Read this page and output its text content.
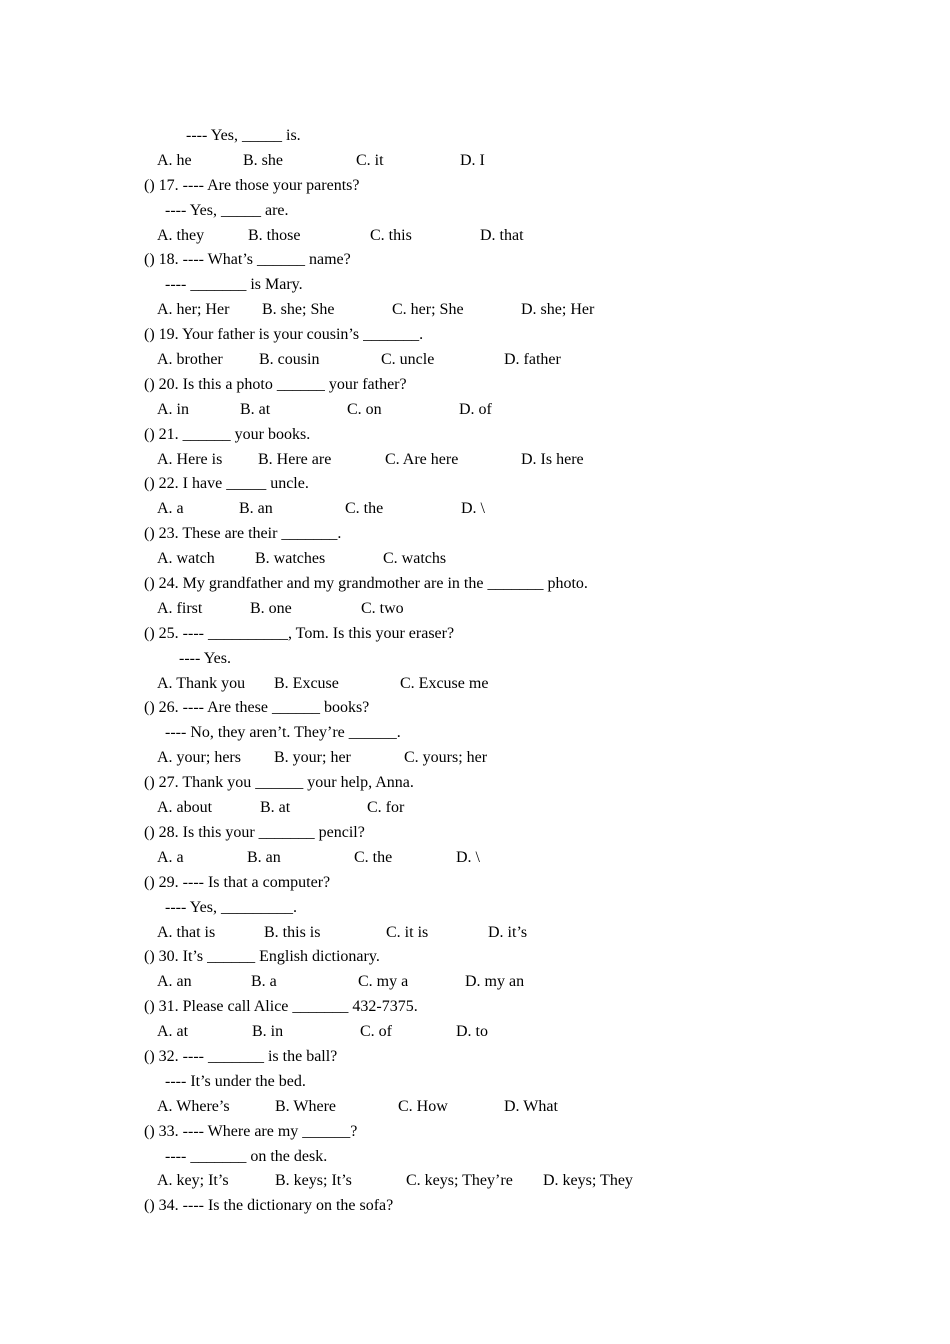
---- Yes, _____ is.
A. he	B. she	C. it	D. I
() 17. ---- Are those your parents?
---- Yes, _____ are.
A. they	B. those	C. this	D. that
() 18. ---- What’s ______ name?
---- _______ is Mary.
A. her; Her B. she; She	C. her; She	D. she; Her
() 19. Your father is your cousin’s _______.
A. brother B. cousin	C. uncle	D. father
() 20. Is this a photo ______ your father?
A. in	B. at	C. on	D. of
() 21. ______ your books.
A. Here is B. Here are	C. Are here	D. Is here
() 22. I have _____ uncle.
A. a	B. an	C. the	D. \
() 23. These are their _______.
A. watch	B. watches	C. watchs
() 24. My grandfather and my grandmother are in the _______ photo.
A. first	B. one	C. two
() 25. ---- __________, Tom. Is this your eraser?
---- Yes.
A. Thank you B. Excuse	C. Excuse me
() 26. ---- Are these ______ books?
---- No, they aren’t. They’re ______.
A. your; hers B. your; her	C. yours; her
() 27. Thank you ______ your help, Anna.
A. about	B. at	C. for
() 28. Is this your _______ pencil?
A. a	B. an	C. the	D. \
() 29. ---- Is that a computer?
---- Yes, _________.
A. that is	B. this is	C. it is	D. it’s
() 30. It’s ______ English dictionary.
A. an	B. a	C. my a	D. my an
() 31. Please call Alice _______ 432-7375.
A. at	B. in	C. of	D. to
() 32. ---- _______ is the ball?
---- It’s under the bed.
A. Where’s	B. Where	C. How	D. What
() 33. ---- Where are my ______?
---- _______ on the desk.
A. key; It’s	B. keys; It’s	C. keys; They’re D. keys; They
() 34. ---- Is the dictionary on the sofa?
